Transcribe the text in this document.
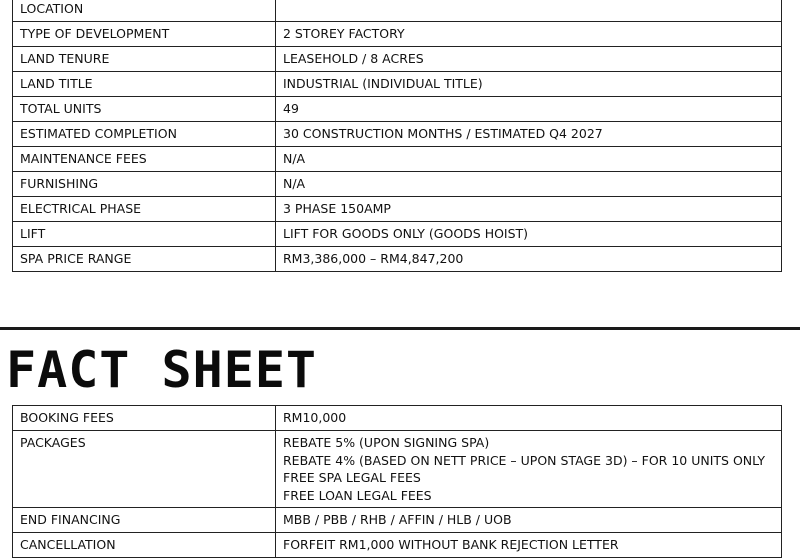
LOCATION	
TYPE OF DEVELOPMENT	2 STOREY FACTORY
LAND TENURE	LEASEHOLD / 8 ACRES
LAND TITLE	INDUSTRIAL (INDIVIDUAL TITLE)
TOTAL UNITS	49
ESTIMATED COMPLETION	30 CONSTRUCTION MONTHS / ESTIMATED Q4 2027
MAINTENANCE FEES	N/A
FURNISHING	N/A
ELECTRICAL PHASE	3 PHASE 150AMP
LIFT	LIFT FOR GOODS ONLY (GOODS HOIST)
SPA PRICE RANGE	RM3,386,000 – RM4,847,200
FACT SHEET
BOOKING FEES	RM10,000
PACKAGES	REBATE 5% (UPON SIGNING SPA)
REBATE 4% (BASED ON NETT PRICE – UPON STAGE 3D) – FOR 10 UNITS ONLY
FREE SPA LEGAL FEES
FREE LOAN LEGAL FEES

END FINANCING	MBB / PBB / RHB / AFFIN / HLB / UOB
CANCELLATION	FORFEIT RM1,000 WITHOUT BANK REJECTION LETTER
